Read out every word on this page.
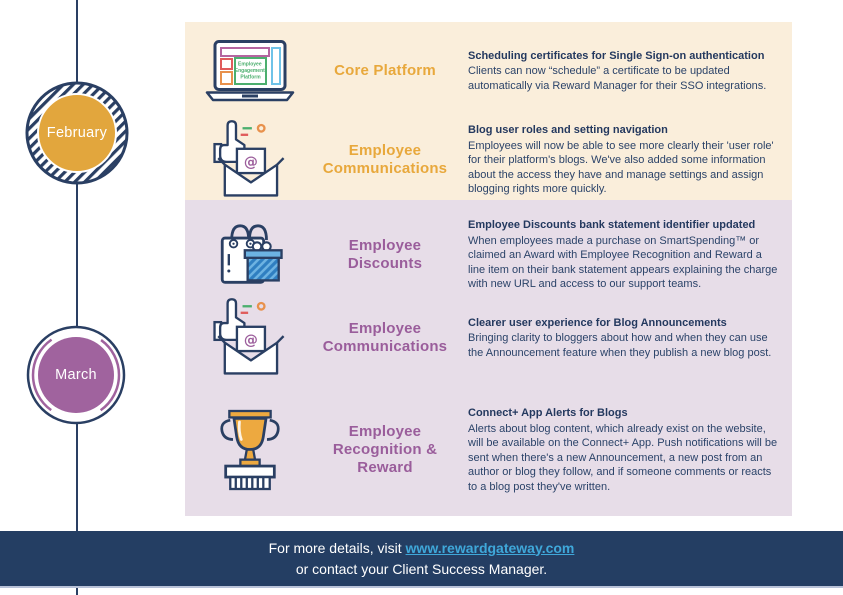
February
March
Employee Engagement Platform	Core Platform
Scheduling certificates for Single Sign-on authentication
Clients can now “schedule” a certificate to be updated automatically via Reward Manager for their SSO integrations.
@
Employee Communications
Blog user roles and setting navigation
Employees will now be able to see more clearly their 'user role' for their platform's blogs. We've also added some information about the access they have and manage settings and assign blogging rights more quickly.
Employee Discounts
Employee Discounts bank statement identifier updated
When employees made a purchase on SmartSpending™ or claimed an Award with Employee Recognition and Reward a line item on their bank statement appears explaining the charge with new URL and access to our support teams.
@
Employee Communications
Clearer user experience for Blog Announcements
Bringing clarity to bloggers about how and when they can use the Announcement feature when they publish a new blog post.
Employee Recognition & Reward
Connect+ App Alerts for Blogs
Alerts about blog content, which already exist on the website, will be available on the Connect+ App. Push notifications will be sent when there's a new Announcement, a new post from an author or blog they follow, and if someone comments or reacts to a blog post they've written.
For more details, visit www.rewardgateway.com
or contact your Client Success Manager.
